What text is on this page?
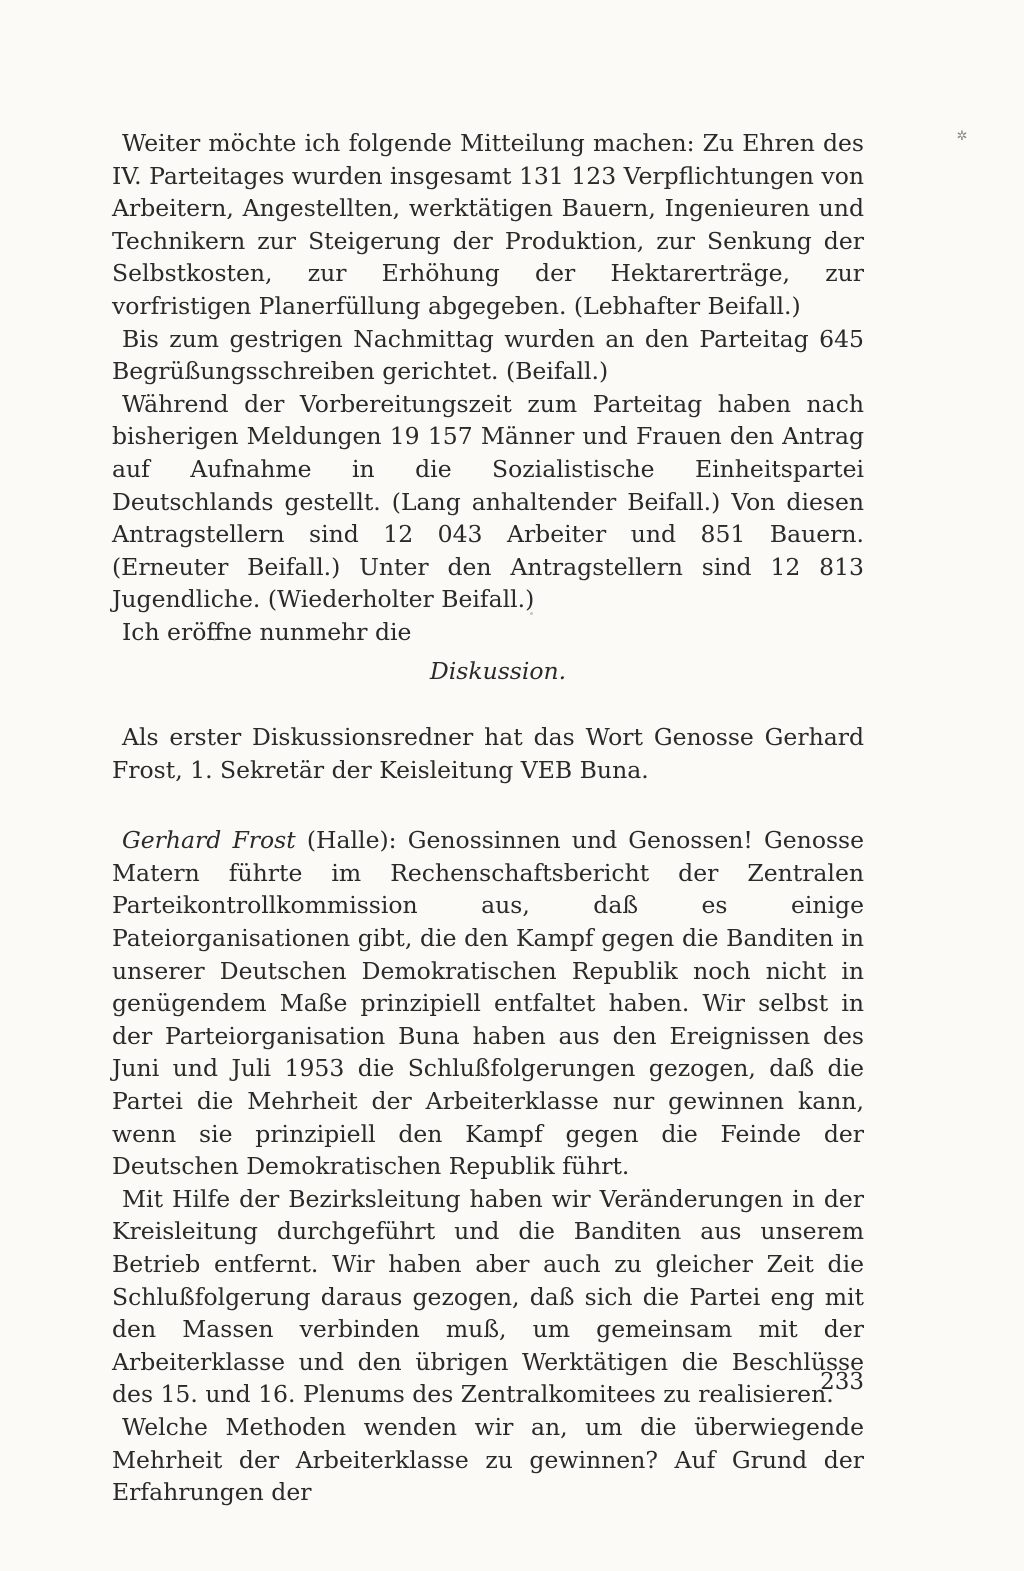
✲

Weiter möchte ich folgende Mitteilung machen: Zu Ehren des IV. Parteitages wurden insgesamt 131 123 Verpflichtungen von Arbeitern, Angestellten, werktätigen Bauern, Ingenieuren und Technikern zur Steigerung der Produktion, zur Senkung der Selbstkosten, zur Erhöhung der Hektarerträge, zur vorfristigen Planerfüllung abgegeben. (Lebhafter Beifall.)

Bis zum gestrigen Nachmittag wurden an den Parteitag 645 Begrüßungsschreiben gerichtet. (Beifall.)

Während der Vorbereitungszeit zum Parteitag haben nach bisherigen Meldungen 19 157 Männer und Frauen den Antrag auf Aufnahme in die Sozialistische Einheitspartei Deutschlands gestellt. (Lang anhaltender Beifall.) Von diesen Antragstellern sind 12 043 Arbeiter und 851 Bauern. (Erneuter Beifall.) Unter den Antragstellern sind 12 813 Jugendliche. (Wiederholter Beifall.)

Ich eröffne nunmehr die

Diskussion.

Als erster Diskussionsredner hat das Wort Genosse Gerhard Frost, 1. Sekretär der Keisleitung VEB Buna.

Gerhard Frost (Halle): Genossinnen und Genossen! Genosse Matern führte im Rechenschaftsbericht der Zentralen Parteikontrollkommission aus, daß es einige Pateiorganisationen gibt, die den Kampf gegen die Banditen in unserer Deutschen Demokratischen Republik noch nicht in genügendem Maße prinzipiell entfaltet haben. Wir selbst in der Parteiorganisation Buna haben aus den Ereignissen des Juni und Juli 1953 die Schlußfolgerungen gezogen, daß die Partei die Mehrheit der Arbeiterklasse nur gewinnen kann, wenn sie prinzipiell den Kampf gegen die Feinde der Deutschen Demokratischen Republik führt.

Mit Hilfe der Bezirksleitung haben wir Veränderungen in der Kreisleitung durchgeführt und die Banditen aus unserem Betrieb entfernt. Wir haben aber auch zu gleicher Zeit die Schlußfolgerung daraus gezogen, daß sich die Partei eng mit den Massen verbinden muß, um gemeinsam mit der Arbeiterklasse und den übrigen Werktätigen die Beschlüsse des 15. und 16. Plenums des Zentralkomitees zu realisieren.

Welche Methoden wenden wir an, um die überwiegende Mehrheit der Arbeiterklasse zu gewinnen? Auf Grund der Erfahrungen der

233
